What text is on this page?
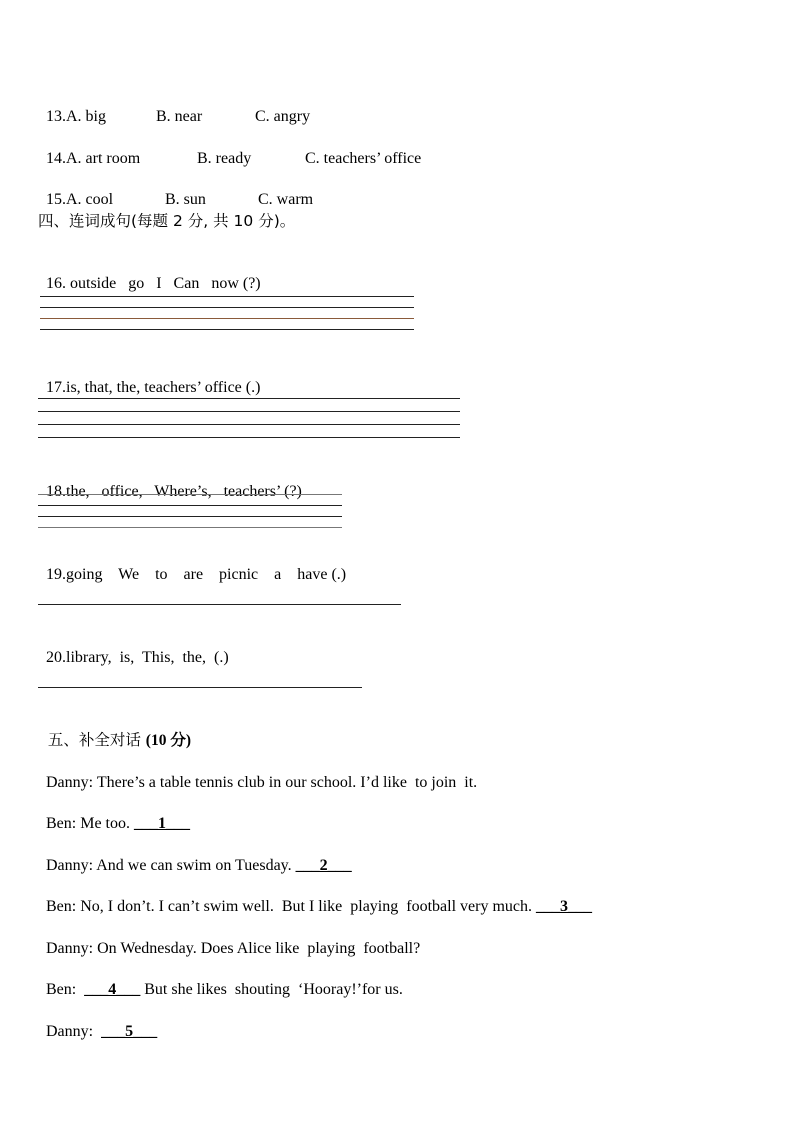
13.A. big	B. near	C. angry

14.A. art room	B. ready	C. teachers’ office

15.A. cool	B. sun	C. warm

四、连词成句(每题 2 分, 共 10 分)。

16. outside   go   I   Can   now (?)

17.is, that, the, teachers’ office (.)

18.the,   office,   Where’s,   teachers’ (?)

19.going    We    to    are    picnic    a    have (.)

20.library,  is,  This,  the,  (.)

五、补全对话 (10 分)

Danny: There’s a table tennis club in our school. I’d like  to join  it.

Ben: Me too. ___1___

Danny: And we can swim on Tuesday. ___2___

Ben: No, I don’t. I can’t swim well.  But I like  playing  football very much. ___3___

Danny: On Wednesday. Does Alice like  playing  football?

Ben: ___4___ But she likes  shouting  ‘Hooray!’for us.

Danny: ___5___
